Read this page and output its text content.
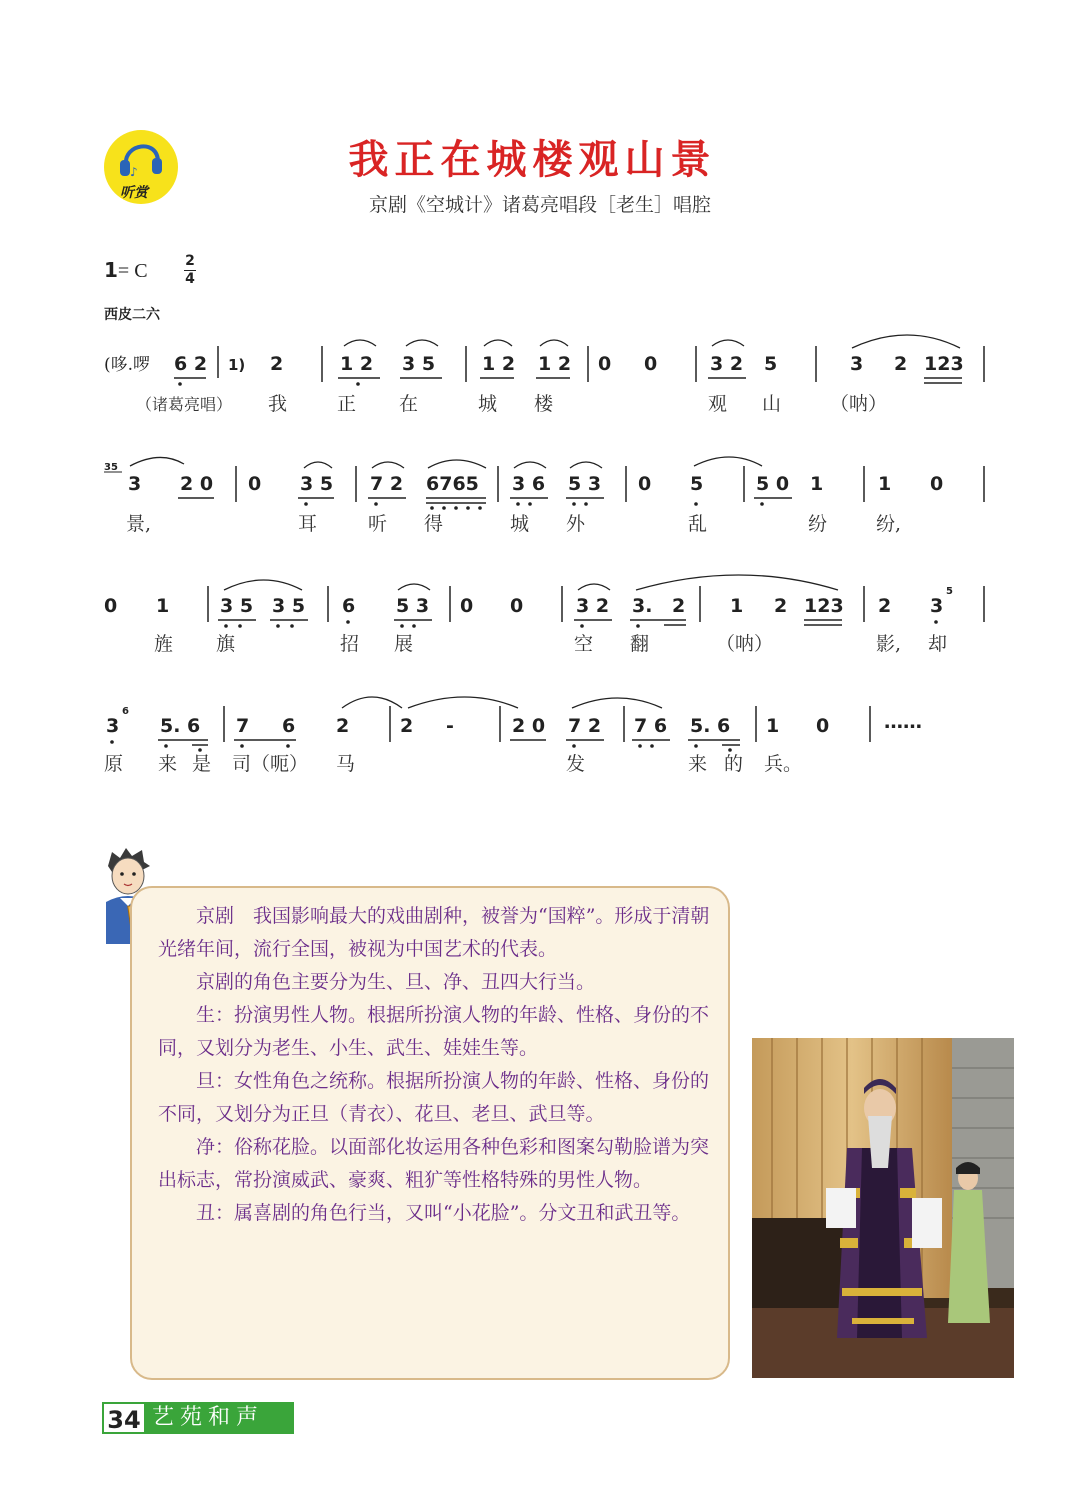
♪
听赏
我正在城楼观山景
京剧《空城计》诸葛亮唱段［老生］唱腔
1= C	2
4
西皮二六
(哆.啰 6 2 1) 2	1 2 3 5 1 2 1 2 0 0	3 2 5	3 2 123
（诸葛亮唱） 我	正 在	城 楼	观 山	（呐）
35
3 2 0 0 3 5 7 2 6765 3 6 5 3 0 5	5 0 1	1 0
景,	耳	听 得	城 外	乱	纷	纷,
0 1	3 5 3 5 6 5 3 0 0	3 2 3. 2 1 2 123 2 3
5
旌 旗	招 展	空 翻	（呐）	影, 却
3
6
5. 6 7 6 2	2 -	2 0 7 2 7 6 5. 6 1 0	……
原 来 是 司（呃） 马	发	来 的 兵。

京剧　我国影响最大的戏曲剧种，被誉为“国粹”。形成于清朝光绪年间，流行全国，被视为中国艺术的代表。

京剧的角色主要分为生、旦、净、丑四大行当。

生：扮演男性人物。根据所扮演人物的年龄、性格、身份的不同，又划分为老生、小生、武生、娃娃生等。

旦：女性角色之统称。根据所扮演人物的年龄、性格、身份的不同，又划分为正旦（青衣）、花旦、老旦、武旦等。

净：俗称花脸。以面部化妆运用各种色彩和图案勾勒脸谱为突出标志，常扮演威武、豪爽、粗犷等性格特殊的男性人物。

丑：属喜剧的角色行当，又叫“小花脸”。分文丑和武丑等。

34 艺苑和声
